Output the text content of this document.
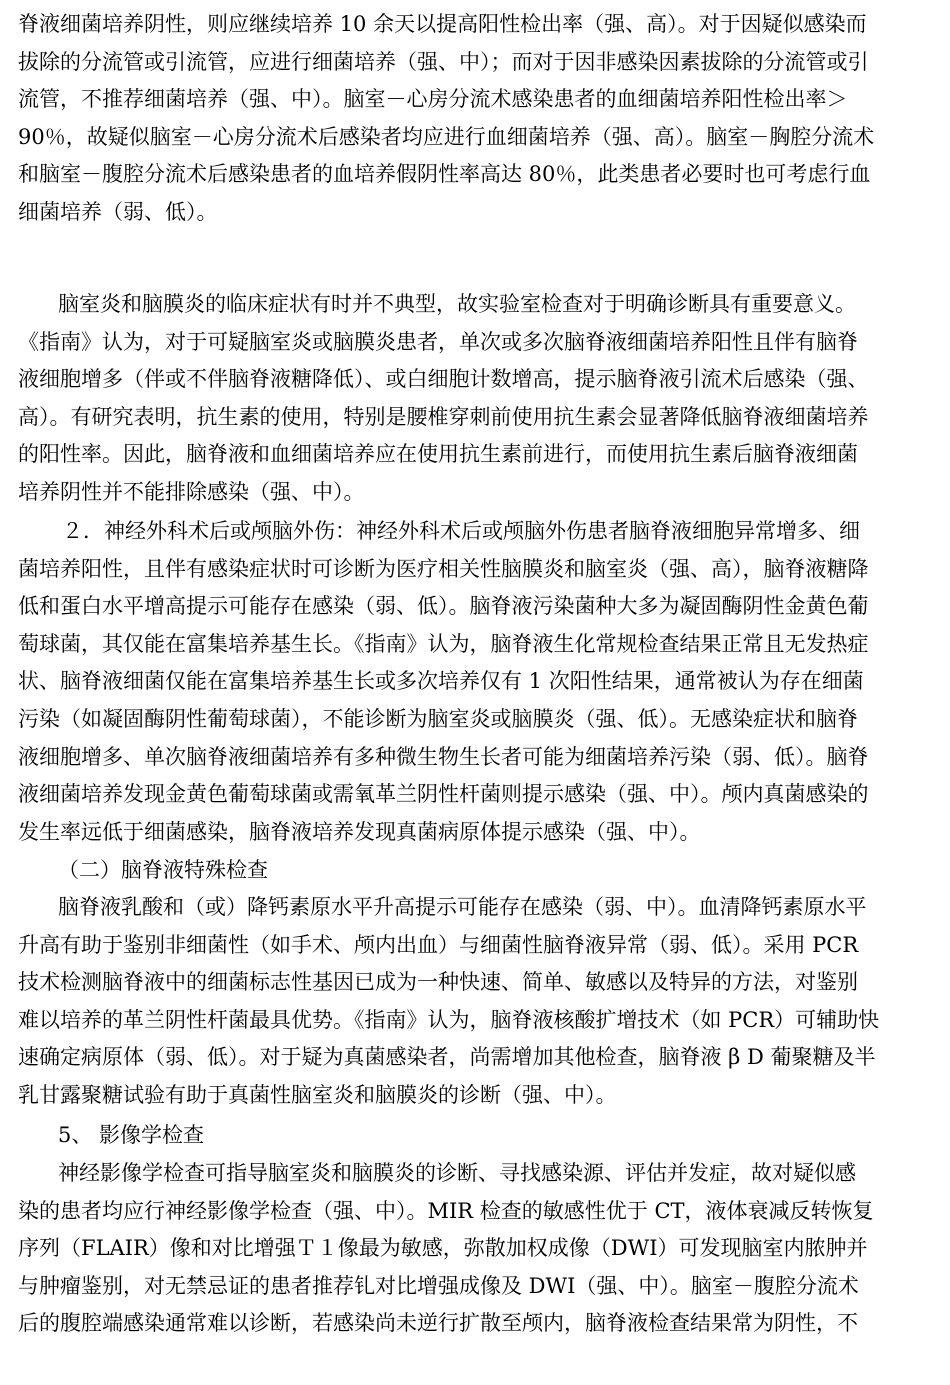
脊液细菌培养阴性，则应继续培养 10 余天以提高阳性检出率（强、高）。对于因疑似感染而
拔除的分流管或引流管，应进行细菌培养（强、中）；而对于因非感染因素拔除的分流管或引
流管，不推荐细菌培养（强、中）。脑室－心房分流术感染患者的血细菌培养阳性检出率＞
90％，故疑似脑室－心房分流术后感染者均应进行血细菌培养（强、高）。脑室－胸腔分流术
和脑室－腹腔分流术后感染患者的血培养假阴性率高达 80％，此类患者必要时也可考虑行血
细菌培养（弱、低）。
脑室炎和脑膜炎的临床症状有时并不典型，故实验室检查对于明确诊断具有重要意义。
《指南》认为，对于可疑脑室炎或脑膜炎患者，单次或多次脑脊液细菌培养阳性且伴有脑脊
液细胞增多（伴或不伴脑脊液糖降低）、或白细胞计数增高，提示脑脊液引流术后感染（强、
高）。有研究表明，抗生素的使用，特别是腰椎穿刺前使用抗生素会显著降低脑脊液细菌培养
的阳性率。因此，脑脊液和血细菌培养应在使用抗生素前进行，而使用抗生素后脑脊液细菌
培养阴性并不能排除感染（强、中）。
２．神经外科术后或颅脑外伤：神经外科术后或颅脑外伤患者脑脊液细胞异常增多、细
菌培养阳性，且伴有感染症状时可诊断为医疗相关性脑膜炎和脑室炎（强、高），脑脊液糖降
低和蛋白水平增高提示可能存在感染（弱、低）。脑脊液污染菌种大多为凝固酶阴性金黄色葡
萄球菌，其仅能在富集培养基生长。《指南》认为，脑脊液生化常规检查结果正常且无发热症
状、脑脊液细菌仅能在富集培养基生长或多次培养仅有 1 次阳性结果，通常被认为存在细菌
污染（如凝固酶阴性葡萄球菌），不能诊断为脑室炎或脑膜炎（强、低）。无感染症状和脑脊
液细胞增多、单次脑脊液细菌培养有多种微生物生长者可能为细菌培养污染（弱、低）。脑脊
液细菌培养发现金黄色葡萄球菌或需氧革兰阴性杆菌则提示感染（强、中）。颅内真菌感染的
发生率远低于细菌感染，脑脊液培养发现真菌病原体提示感染（强、中）。
（二）脑脊液特殊检查
脑脊液乳酸和（或）降钙素原水平升高提示可能存在感染（弱、中）。血清降钙素原水平
升高有助于鉴别非细菌性（如手术、颅内出血）与细菌性脑脊液异常（弱、低）。采用 PCR
技术检测脑脊液中的细菌标志性基因已成为一种快速、简单、敏感以及特异的方法，对鉴别
难以培养的革兰阴性杆菌最具优势。《指南》认为，脑脊液核酸扩增技术（如 PCR）可辅助快
速确定病原体（弱、低）。对于疑为真菌感染者，尚需增加其他检查，脑脊液 β D 葡聚糖及半
乳甘露聚糖试验有助于真菌性脑室炎和脑膜炎的诊断（强、中）。
5、 影像学检查
神经影像学检查可指导脑室炎和脑膜炎的诊断、寻找感染源、评估并发症，故对疑似感
染的患者均应行神经影像学检查（强、中）。MIR 检查的敏感性优于 CT，液体衰减反转恢复
序列（FLAIR）像和对比增强Ｔ１像最为敏感，弥散加权成像（DWI）可发现脑室内脓肿并
与肿瘤鉴别，对无禁忌证的患者推荐钆对比增强成像及 DWI（强、中）。脑室－腹腔分流术
后的腹腔端感染通常难以诊断，若感染尚未逆行扩散至颅内，脑脊液检查结果常为阴性，不
